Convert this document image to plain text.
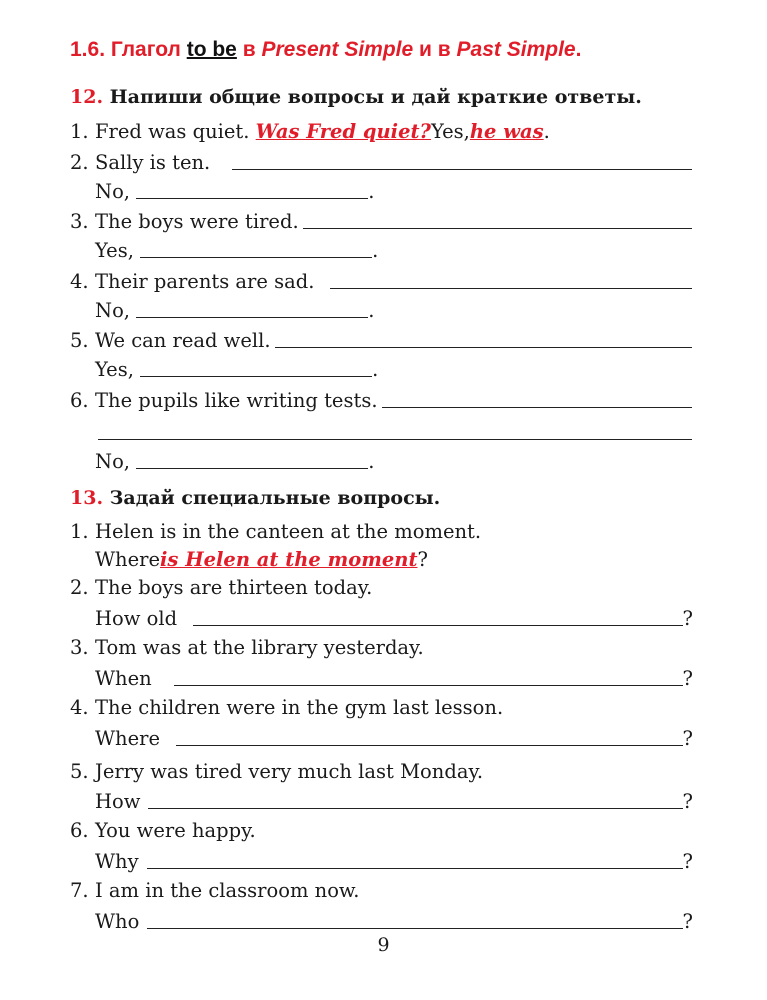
1.6. Глагол to be в Present Simple и в Past Simple.
12. Напиши общие вопросы и дай краткие ответы.
1. Fred was quiet.
Was Fred quiet? Yes, he was .
2. Sally is ten.
No,
	.
3. The boys were tired.
Yes,
	.
4. Their parents are sad.
No,
	.
5. We can read well.
Yes,
	.
6. The pupils like writing tests.
No,
	.
13. Задай специальные вопросы.
1. Helen is in the canteen at the moment.
Where is Helen at the moment ?
2. The boys are thirteen today.
How old	?
3. Tom was at the library yesterday.
When	?
4. The children were in the gym last lesson.
Where	?
5. Jerry was tired very much last Monday.
How	?
6. You were happy.
Why	?
7. I am in the classroom now.
Who	?
9
